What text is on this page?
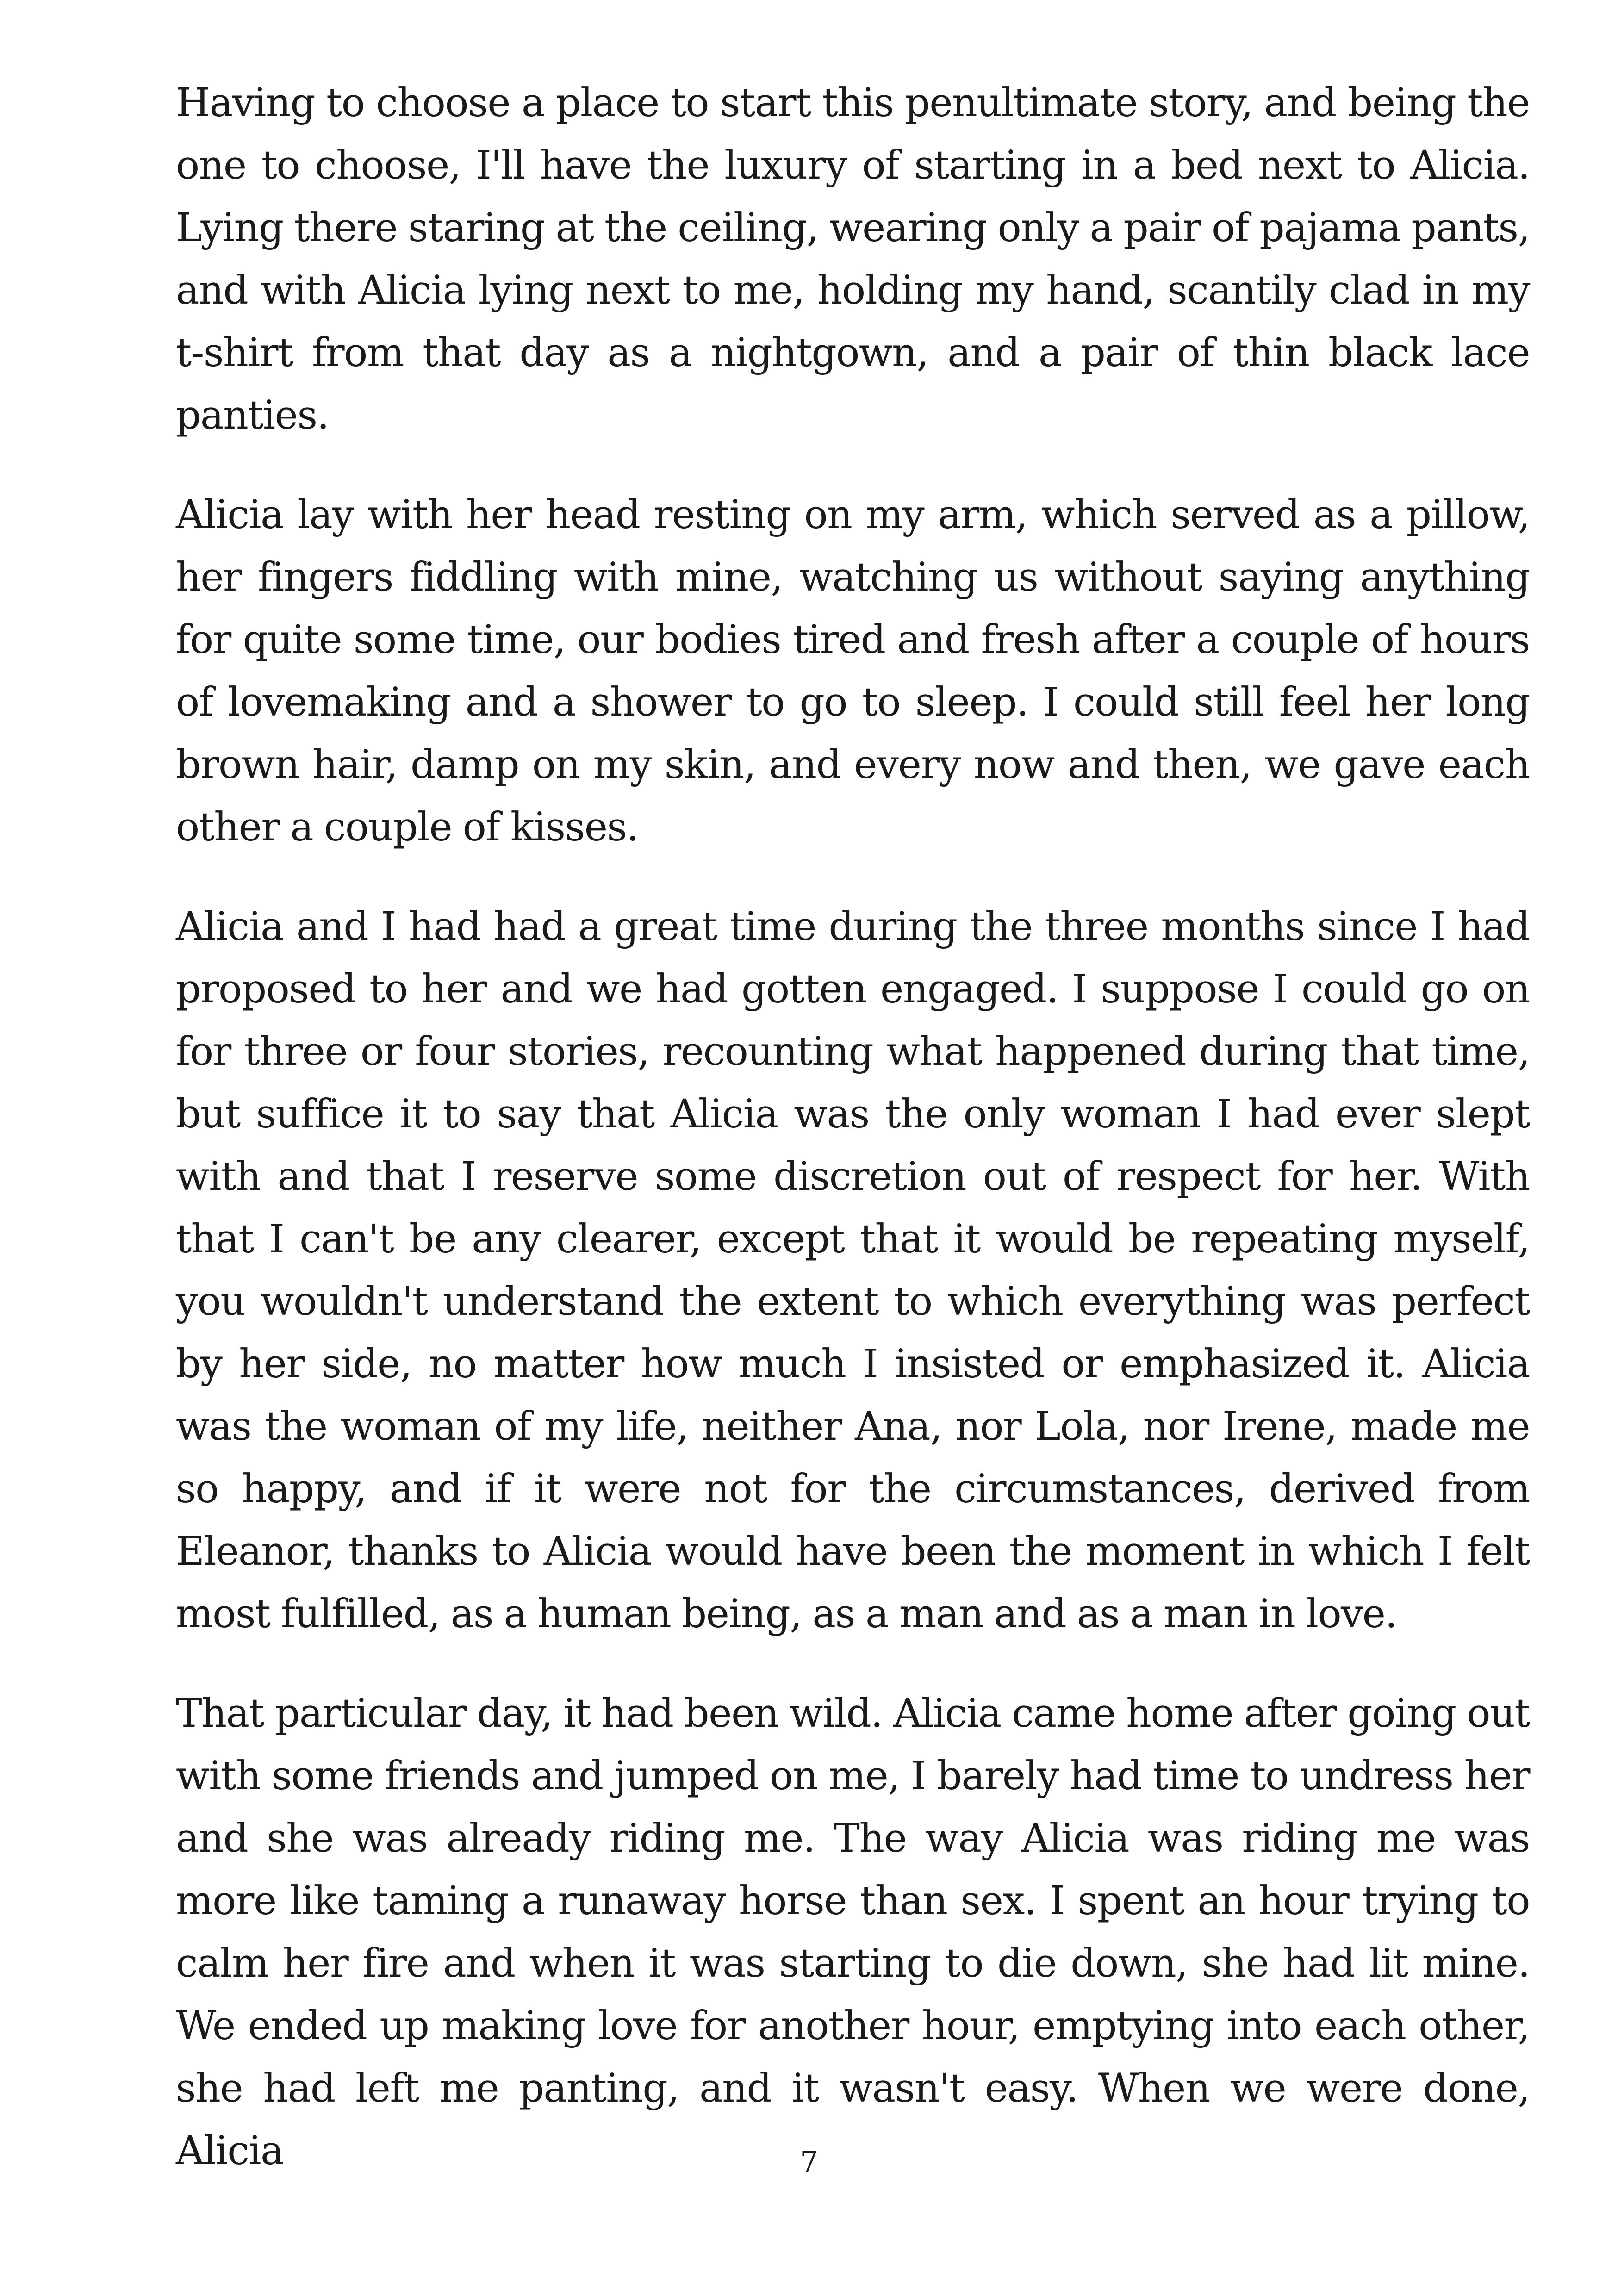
Having to choose a place to start this penultimate story, and being the one to choose, I'll have the luxury of starting in a bed next to Alicia. Lying there staring at the ceiling, wearing only a pair of pajama pants, and with Alicia lying next to me, holding my hand, scantily clad in my t-shirt from that day as a nightgown, and a pair of thin black lace panties.

Alicia lay with her head resting on my arm, which served as a pillow, her fingers fiddling with mine, watching us without saying anything for quite some time, our bodies tired and fresh after a couple of hours of lovemaking and a shower to go to sleep. I could still feel her long brown hair, damp on my skin, and every now and then, we gave each other a couple of kisses.

Alicia and I had had a great time during the three months since I had proposed to her and we had gotten engaged. I suppose I could go on for three or four stories, recounting what happened during that time, but suffice it to say that Alicia was the only woman I had ever slept with and that I reserve some discretion out of respect for her. With that I can't be any clearer, except that it would be repeating myself, you wouldn't understand the extent to which everything was perfect by her side, no matter how much I insisted or emphasized it. Alicia was the woman of my life, neither Ana, nor Lola, nor Irene, made me so happy, and if it were not for the circumstances, derived from Eleanor, thanks to Alicia would have been the moment in which I felt most fulfilled, as a human being, as a man and as a man in love.

That particular day, it had been wild. Alicia came home after going out with some friends and jumped on me, I barely had time to undress her and she was already riding me. The way Alicia was riding me was more like taming a runaway horse than sex. I spent an hour trying to calm her fire and when it was starting to die down, she had lit mine. We ended up making love for another hour, emptying into each other, she had left me panting, and it wasn't easy. When we were done, Alicia	7
